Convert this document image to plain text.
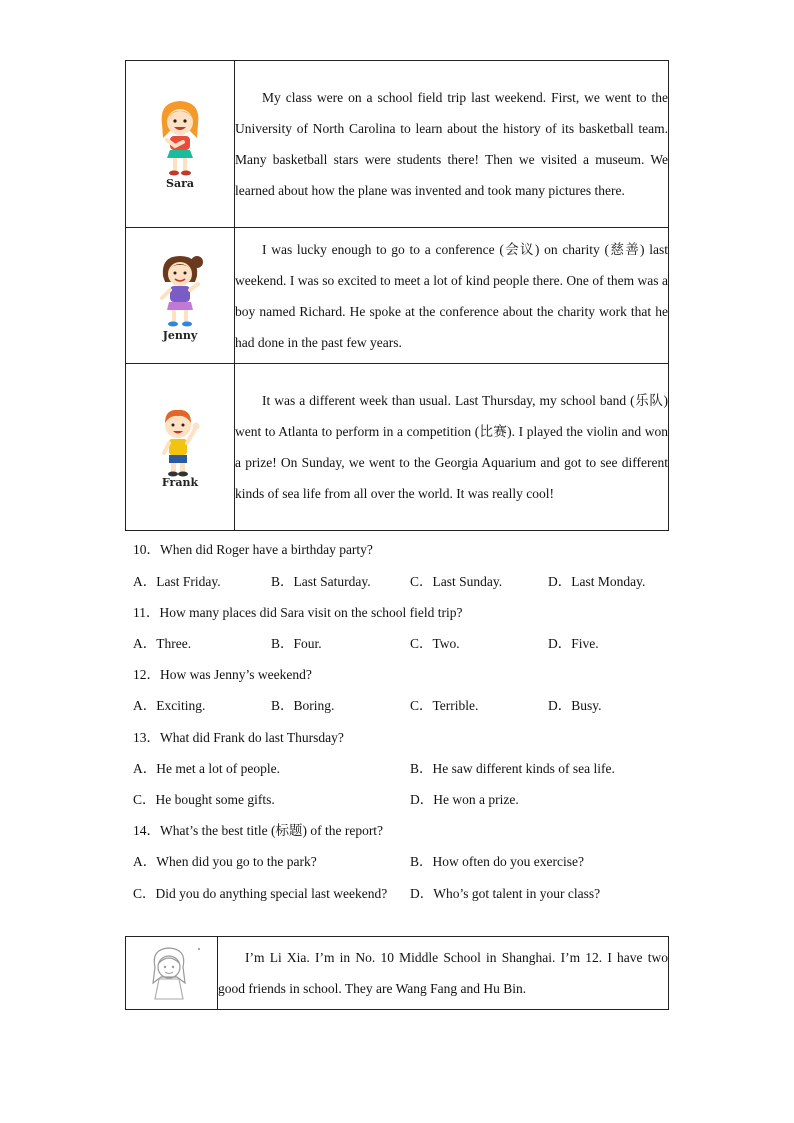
Sara	My class were on a school field trip last weekend. First, we went to the University of North Carolina to learn about the history of its basketball team. Many basketball stars were students there! Then we visited a museum. We learned about how the plane was invented and took many pictures there.

Jenny	I was lucky enough to go to a conference (会议) on charity (慈善) last weekend. I was so excited to meet a lot of kind people there. One of them was a boy named Richard. He spoke at the conference about the charity work that he had done in the past few years.

Frank	It was a different week than usual. Last Thursday, my school band (乐队) went to Atlanta to perform in a competition (比赛). I played the violin and won a prize! On Sunday, we went to the Georgia Aquarium and got to see different kinds of sea life from all over the world. It was really cool!

10．When did Roger have a birthday party?
A．Last Friday.	B．Last Saturday.	C．Last Sunday.	D．Last Monday.
11．How many places did Sara visit on the school field trip?
A．Three.	B．Four.	C．Two.	D．Five.
12．How was Jenny’s weekend?
A．Exciting.	B．Boring.	C．Terrible.	D．Busy.
13．What did Frank do last Thursday?
A．He met a lot of people.	B．He saw different kinds of sea life.
C．He bought some gifts.	D．He won a prize.
14．What’s the best title (标题) of the report?
A．When did you go to the park?	B．How often do you exercise?
C．Did you do anything special last weekend? D．Who’s got talent in your class?

I’m Li Xia. I’m in No. 10 Middle School in Shanghai. I’m 12. I have two good friends in school. They are Wang Fang and Hu Bin.
